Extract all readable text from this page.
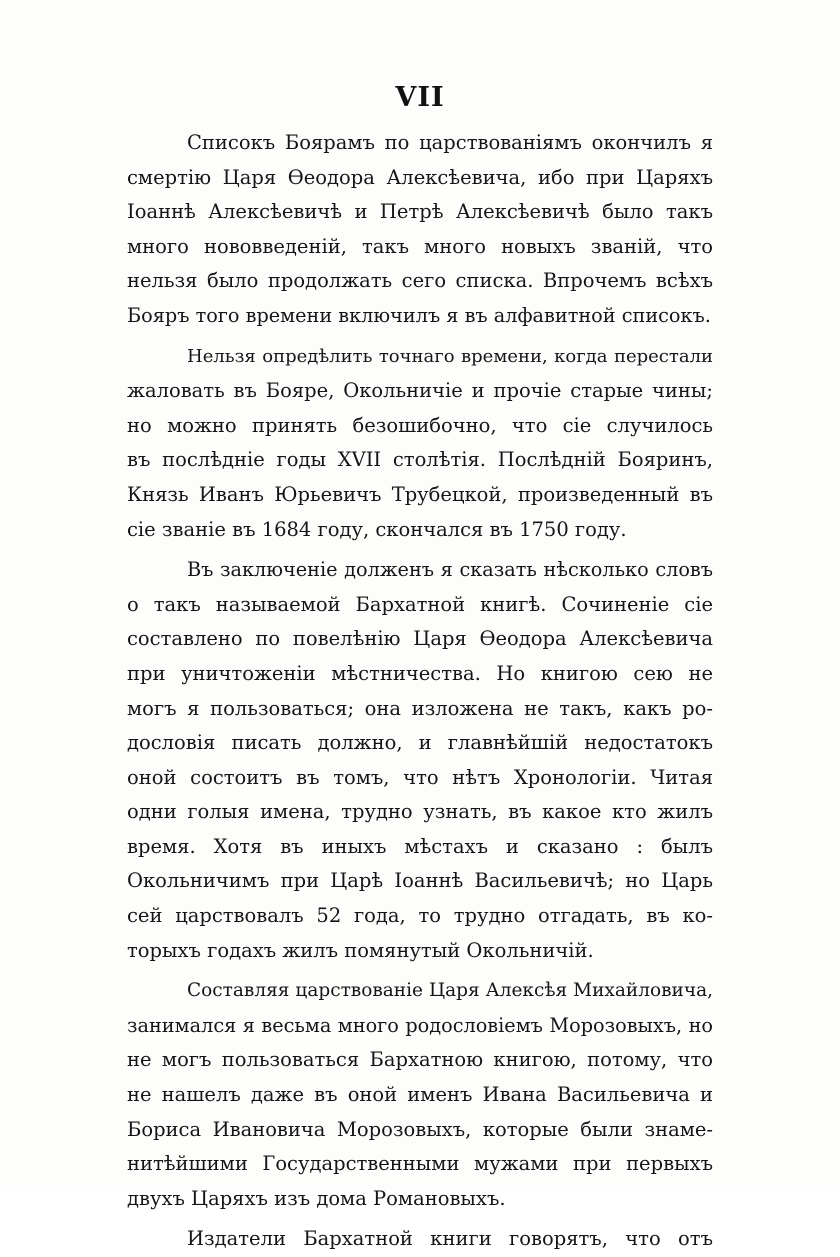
VII

Списокъ Боярамъ по царствованіямъ окончилъ я
смертію Царя Ѳеодора Алексѣевича, ибо при Царяхъ
Іоаннѣ Алексѣевичѣ и Петрѣ Алексѣевичѣ было такъ
много нововведеній, такъ много новыхъ званій, что
нельзя было продолжать сего списка. Впрочемъ всѣхъ
Бояръ того времени включилъ я въ алфавитной списокъ.

Нельзя опредѣлить точнаго времени, когда перестали
жаловать въ Бояре, Окольничіе и прочіе старые чины;
но можно принять безошибочно, что сіе случилось
въ послѣдніе годы XVII столѣтія. Послѣдній Бояринъ,
Князь Иванъ Юрьевичъ Трубецкой, произведенный въ
сіе званіе въ 1684 году, скончался въ 1750 году.

Въ заключеніе долженъ я сказать нѣсколько словъ
о такъ называемой Бархатной книгѣ. Сочиненіе сіе
составлено по повелѣнію Царя Ѳеодора Алексѣевича
при уничтоженіи мѣстничества. Но книгою сею не
могъ я пользоваться; она изложена не такъ, какъ ро-
дословія писать должно, и главнѣйшій недостатокъ
оной состоитъ въ томъ, что нѣтъ Хронологіи. Читая
одни голыя имена, трудно узнать, въ какое кто жилъ
время. Хотя въ иныхъ мѣстахъ и сказано : былъ
Окольничимъ при Царѣ Іоаннѣ Васильевичѣ; но Царь
сей царствовалъ 52 года, то трудно отгадать, въ ко-
торыхъ годахъ жилъ помянутый Окольничій.

Составляя царствованіе Царя Алексѣя Михайловича,
занимался я весьма много родословіемъ Морозовыхъ, но
не могъ пользоваться Бархатною книгою, потому, что
не нашелъ даже въ оной именъ Ивана Васильевича и
Бориса Ивановича Морозовыхъ, которые были знаме-
нитѣйшими Государственными мужами при первыхъ
двухъ Царяхъ изъ дома Романовыхъ.

Издатели Бархатной книги говорятъ, что отъ
